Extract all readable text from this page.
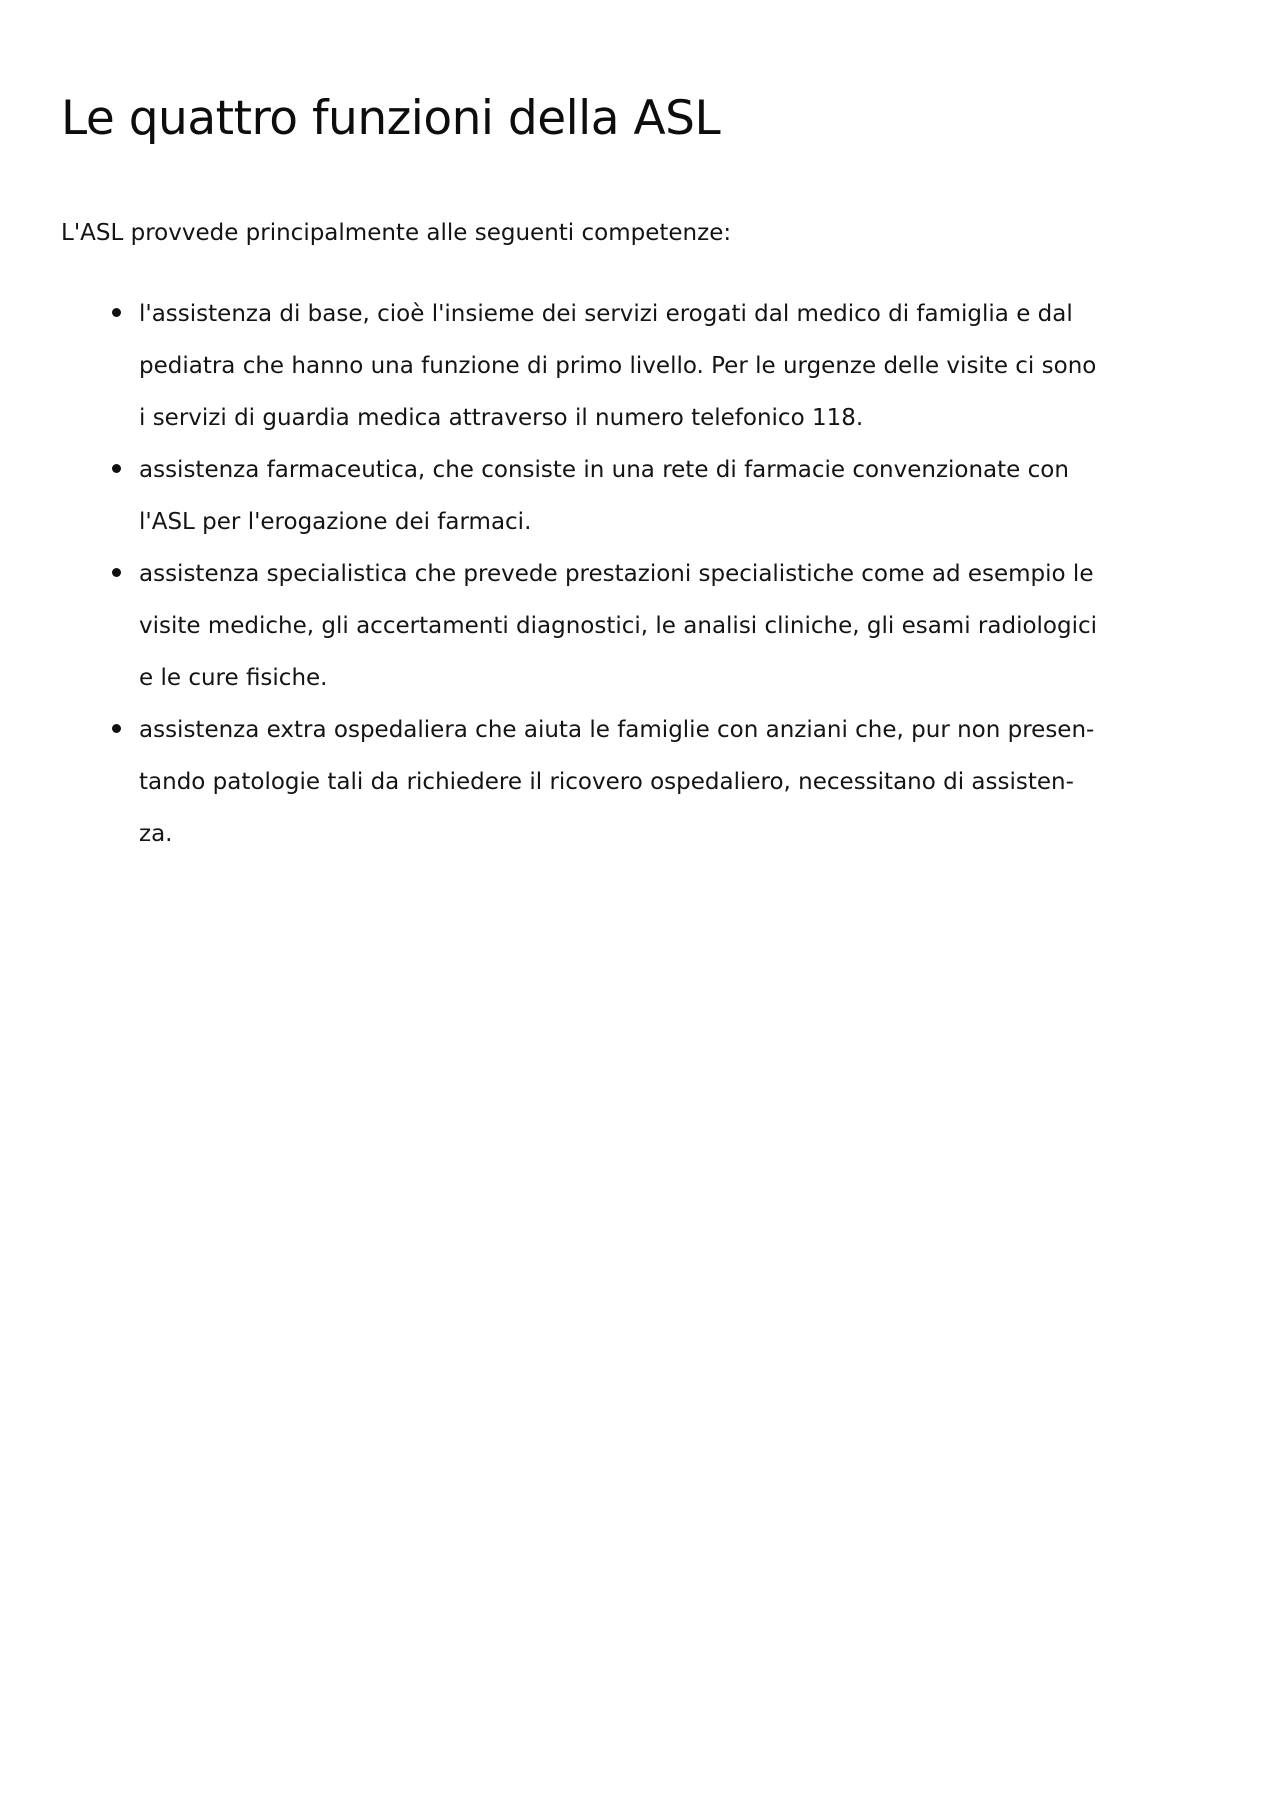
Le quattro funzioni della ASL

L'ASL provvede principalmente alle seguenti competenze:

l'assistenza di base, cioè l'insieme dei servizi erogati dal medico di famiglia e dal
pediatra che hanno una funzione di primo livello. Per le urgenze delle visite ci sono
i servizi di guardia medica attraverso il numero telefonico 118.
assistenza farmaceutica, che consiste in una rete di farmacie convenzionate con
l'ASL per l'erogazione dei farmaci.
assistenza specialistica che prevede prestazioni specialistiche come ad esempio le
visite mediche, gli accertamenti diagnostici, le analisi cliniche, gli esami radiologici
e le cure fisiche.
assistenza extra ospedaliera che aiuta le famiglie con anziani che, pur non presen-
tando patologie tali da richiedere il ricovero ospedaliero, necessitano di assisten-
za.
